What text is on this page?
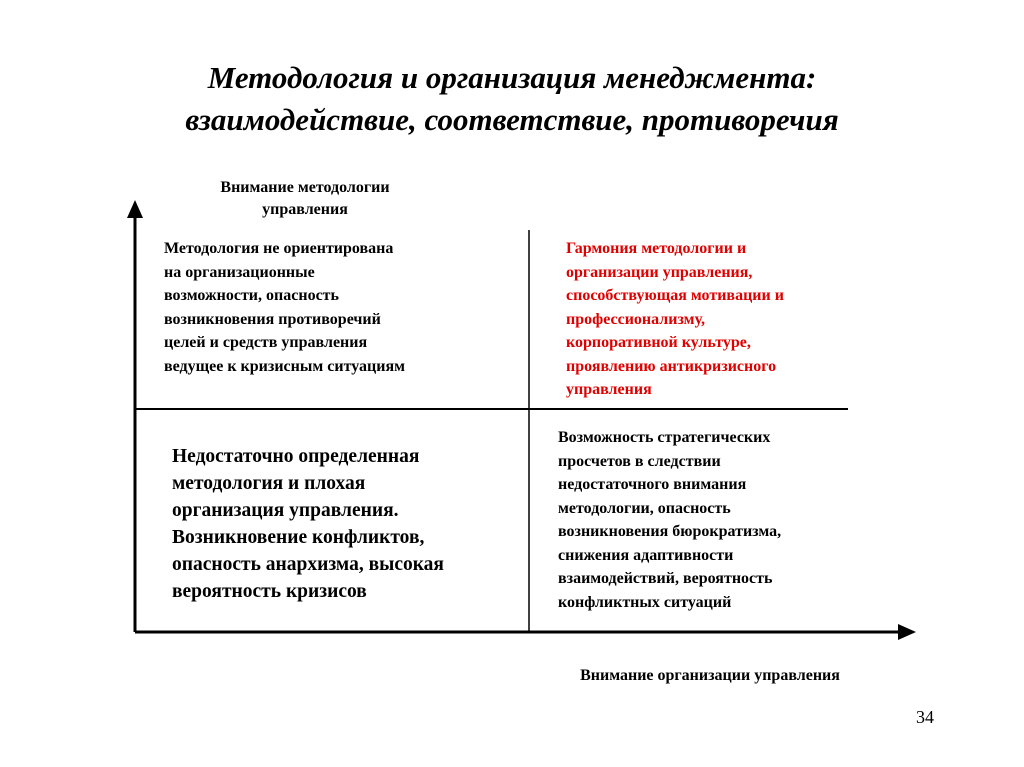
Методология и организация менеджмента:
взаимодействие, соответствие, противоречия
Внимание методологии
управления
Методология не ориентирована
на организационные
возможности, опасность
возникновения противоречий
целей и средств управления
ведущее к кризисным ситуациям
Гармония методологии и
организации управления,
способствующая мотивации и
профессионализму,
корпоративной культуре,
проявлению антикризисного
управления
Недостаточно определенная
методология и плохая
организация управления.
Возникновение конфликтов,
опасность анархизма, высокая
вероятность кризисов
Возможность стратегических
просчетов в следствии
недостаточного внимания
методологии, опасность
возникновения бюрократизма,
снижения адаптивности
взаимодействий, вероятность
конфликтных ситуаций
Внимание организации управления
34
